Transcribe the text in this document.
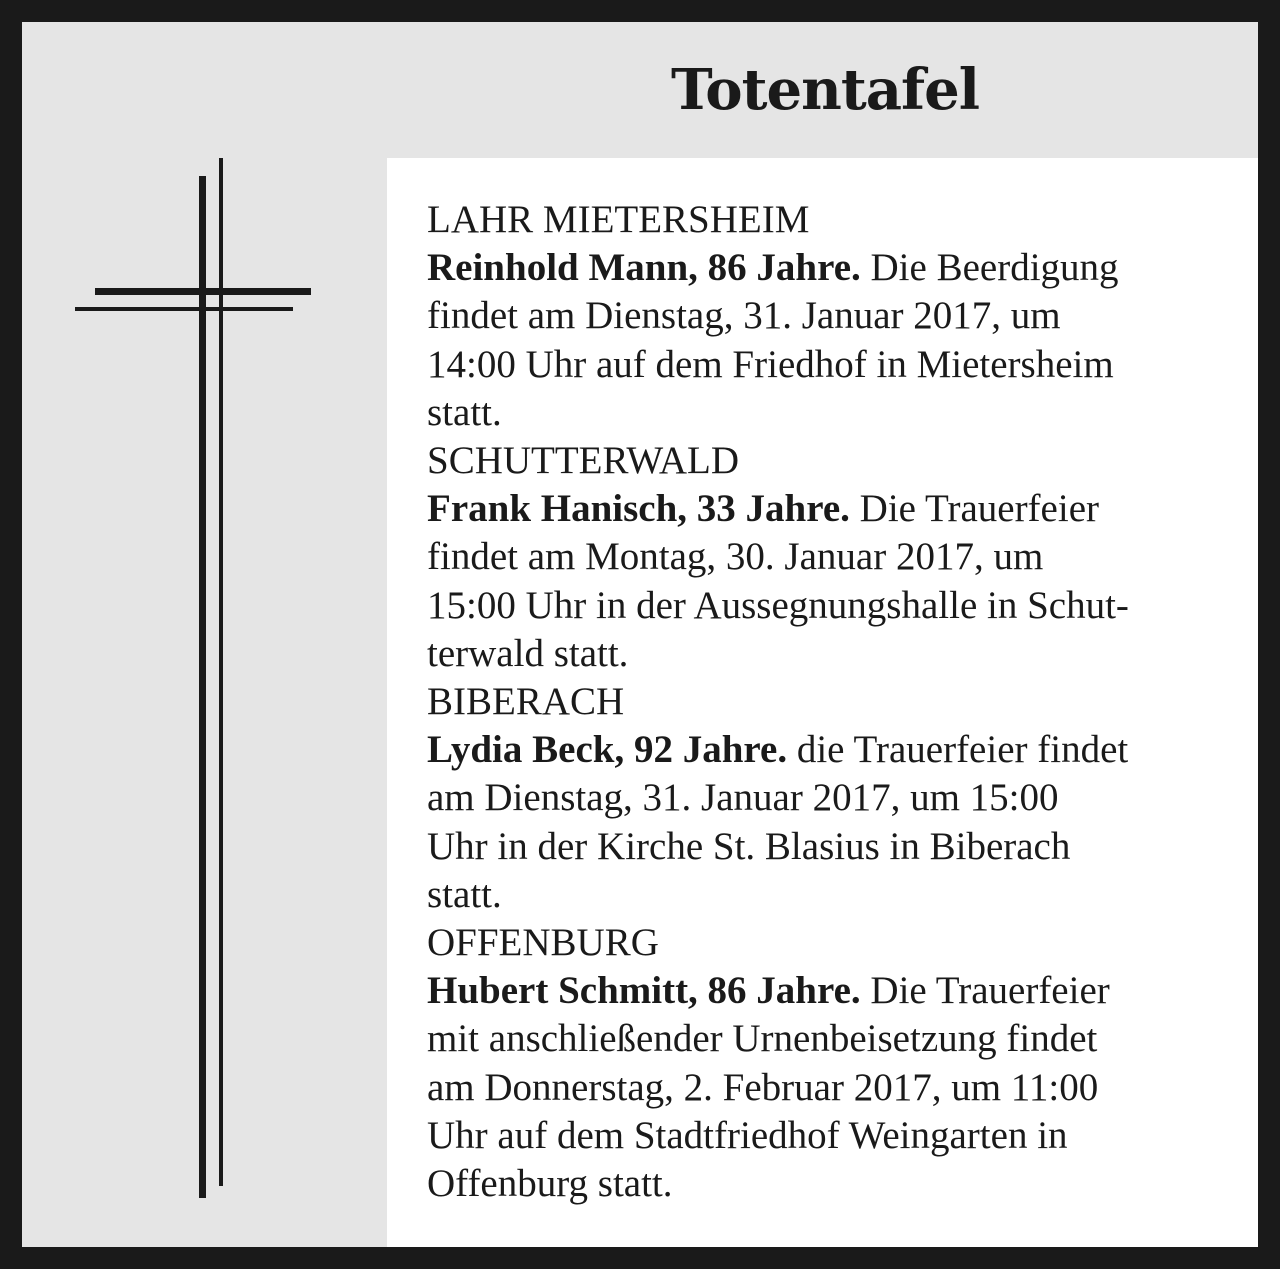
Totentafel
LAHR MIETERSHEIM
Reinhold Mann, 86 Jahre. Die Beerdigung
findet am Dienstag, 31. Januar 2017, um
14:00 Uhr auf dem Friedhof in Mietersheim
statt.
SCHUTTERWALD
Frank Hanisch, 33 Jahre. Die Trauerfeier
findet am Montag, 30. Januar 2017, um
15:00 Uhr in der Aussegnungshalle in Schut-
terwald statt.
BIBERACH
Lydia Beck, 92 Jahre. die Trauerfeier findet
am Dienstag, 31. Januar 2017, um 15:00
Uhr in der Kirche St. Blasius in Biberach
statt.
OFFENBURG
Hubert Schmitt, 86 Jahre. Die Trauerfeier
mit anschließender Urnenbeisetzung findet
am Donnerstag, 2. Februar 2017, um 11:00
Uhr auf dem Stadtfriedhof Weingarten in
Offenburg statt.
